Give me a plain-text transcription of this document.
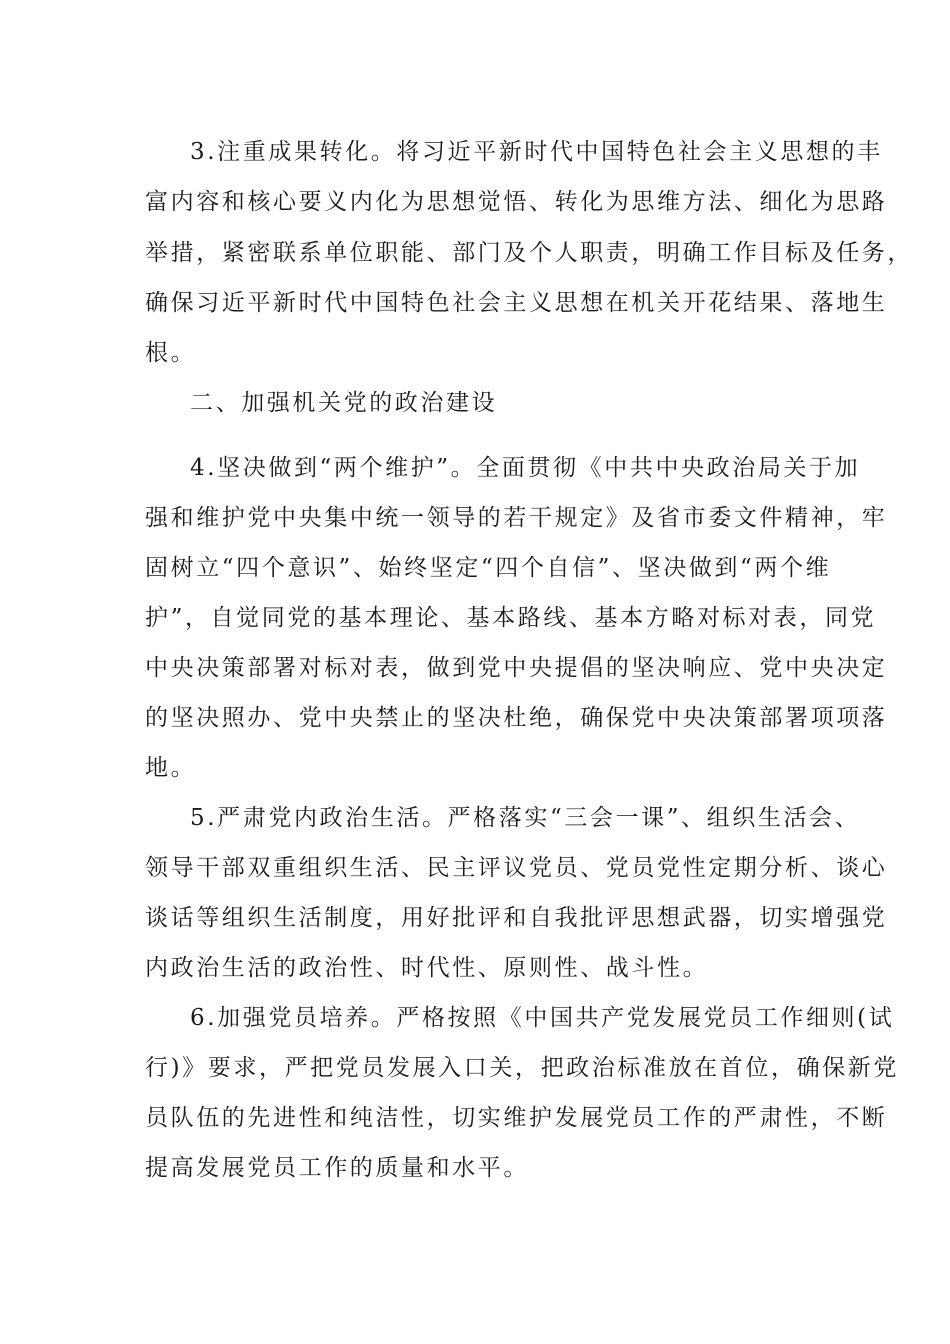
3.注重成果转化。将习近平新时代中国特色社会主义思想的丰

富内容和核心要义内化为思想觉悟、转化为思维方法、细化为思路

举措，紧密联系单位职能、部门及个人职责，明确工作目标及任务，

确保习近平新时代中国特色社会主义思想在机关开花结果、落地生

根。

二、加强机关党的政治建设

4.坚决做到“两个维护”。全面贯彻《中共中央政治局关于加

强和维护党中央集中统一领导的若干规定》及省市委文件精神，牢

固树立“四个意识”、始终坚定“四个自信”、坚决做到“两个维

护”，自觉同党的基本理论、基本路线、基本方略对标对表，同党

中央决策部署对标对表，做到党中央提倡的坚决响应、党中央决定

的坚决照办、党中央禁止的坚决杜绝，确保党中央决策部署项项落

地。

5.严肃党内政治生活。严格落实“三会一课”、组织生活会、

领导干部双重组织生活、民主评议党员、党员党性定期分析、谈心

谈话等组织生活制度，用好批评和自我批评思想武器，切实增强党

内政治生活的政治性、时代性、原则性、战斗性。

6.加强党员培养。严格按照《中国共产党发展党员工作细则(试

行)》要求，严把党员发展入口关，把政治标准放在首位，确保新党

员队伍的先进性和纯洁性，切实维护发展党员工作的严肃性，不断

提高发展党员工作的质量和水平。
